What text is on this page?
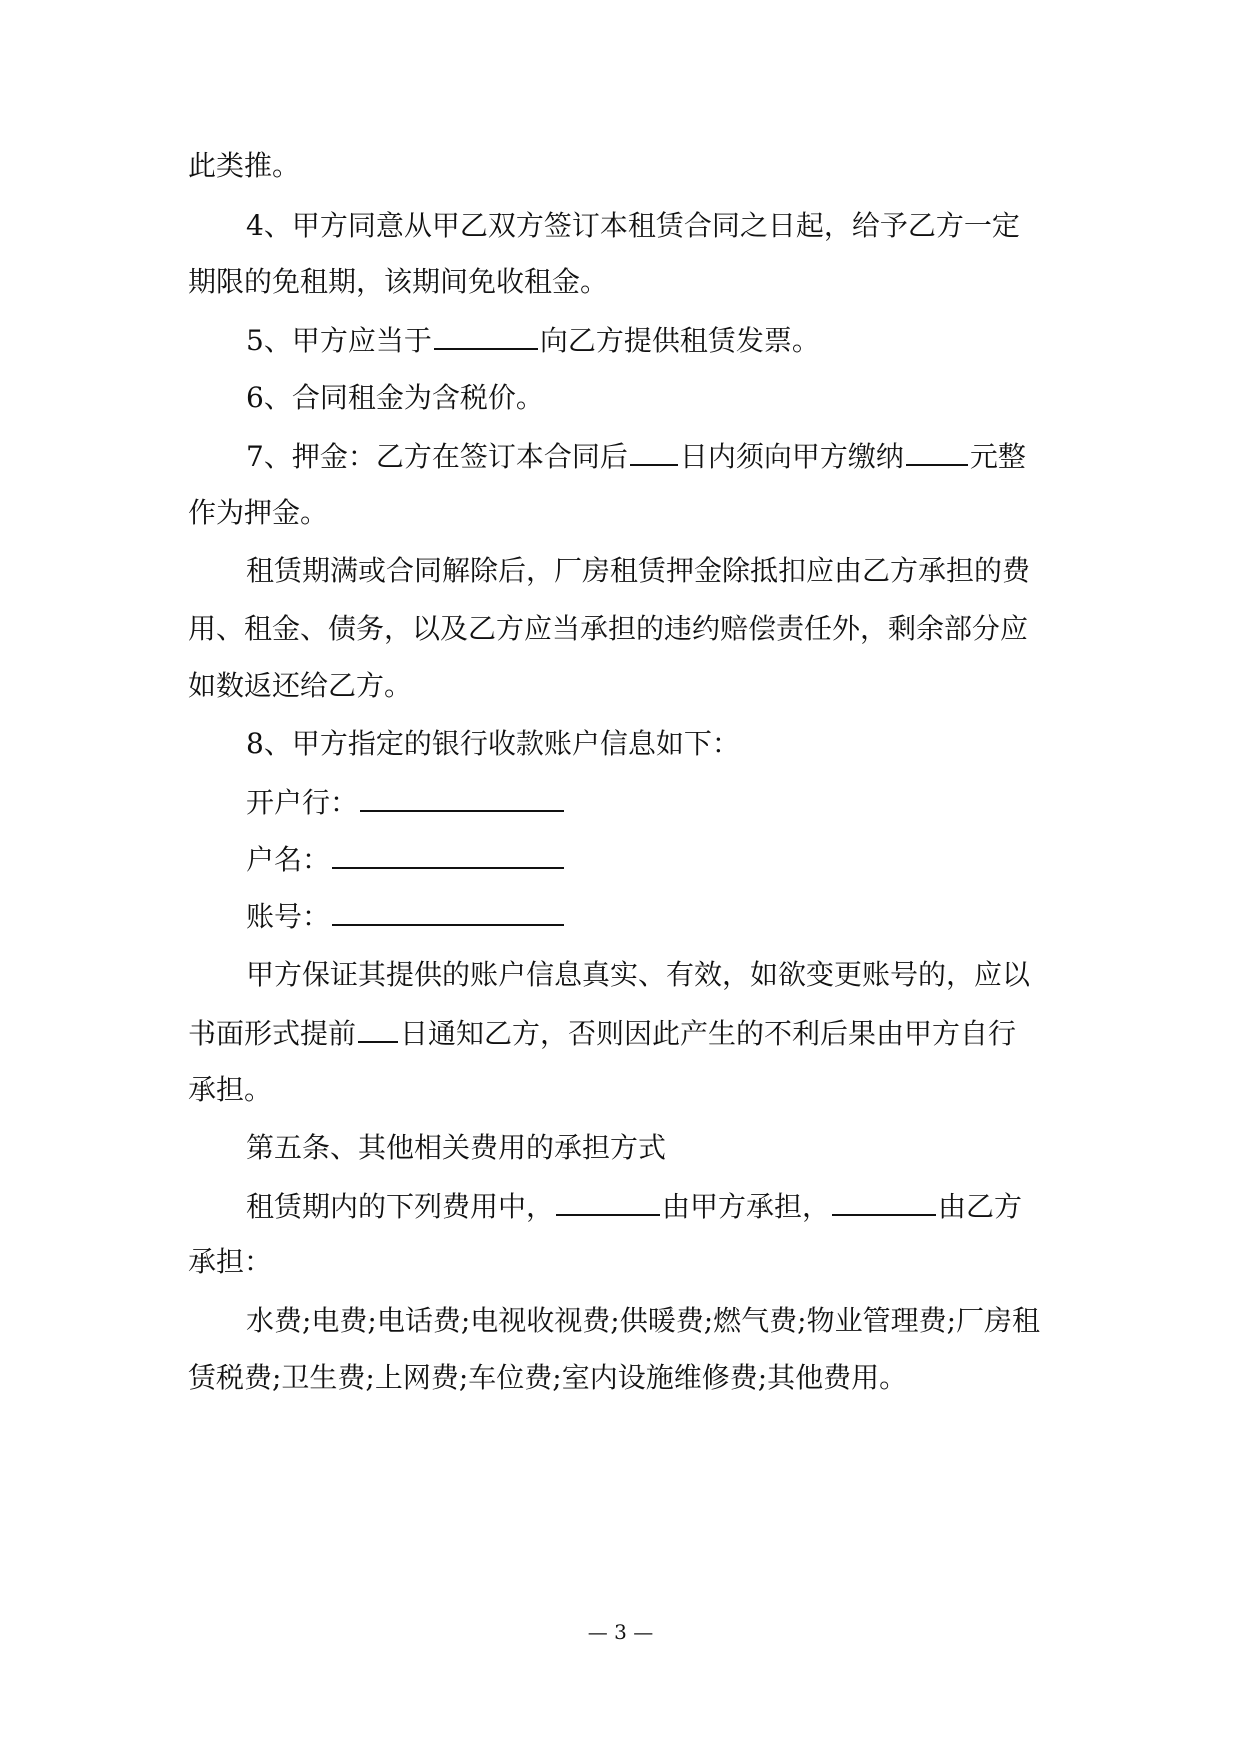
此类推。
4、甲方同意从甲乙双方签订本租赁合同之日起，给予乙方一定
期限的免租期，该期间免收租金。
5、甲方应当于	向乙方提供租赁发票。
6、合同租金为含税价。
7、押金：乙方在签订本合同后 日内须向甲方缴纳 元整
作为押金。
租赁期满或合同解除后，厂房租赁押金除抵扣应由乙方承担的费
用、租金、债务，以及乙方应当承担的违约赔偿责任外，剩余部分应
如数返还给乙方。
8、甲方指定的银行收款账户信息如下：
开户行：
户名：
账号：
甲方保证其提供的账户信息真实、有效，如欲变更账号的，应以
书面形式提前 日通知乙方，否则因此产生的不利后果由甲方自行
承担。
第五条、其他相关费用的承担方式
租赁期内的下列费用中，	由甲方承担，	由乙方
承担：
水费;电费;电话费;电视收视费;供暖费;燃气费;物业管理费;厂房租
赁税费;卫生费;上网费;车位费;室内设施维修费;其他费用。
— 3 —
